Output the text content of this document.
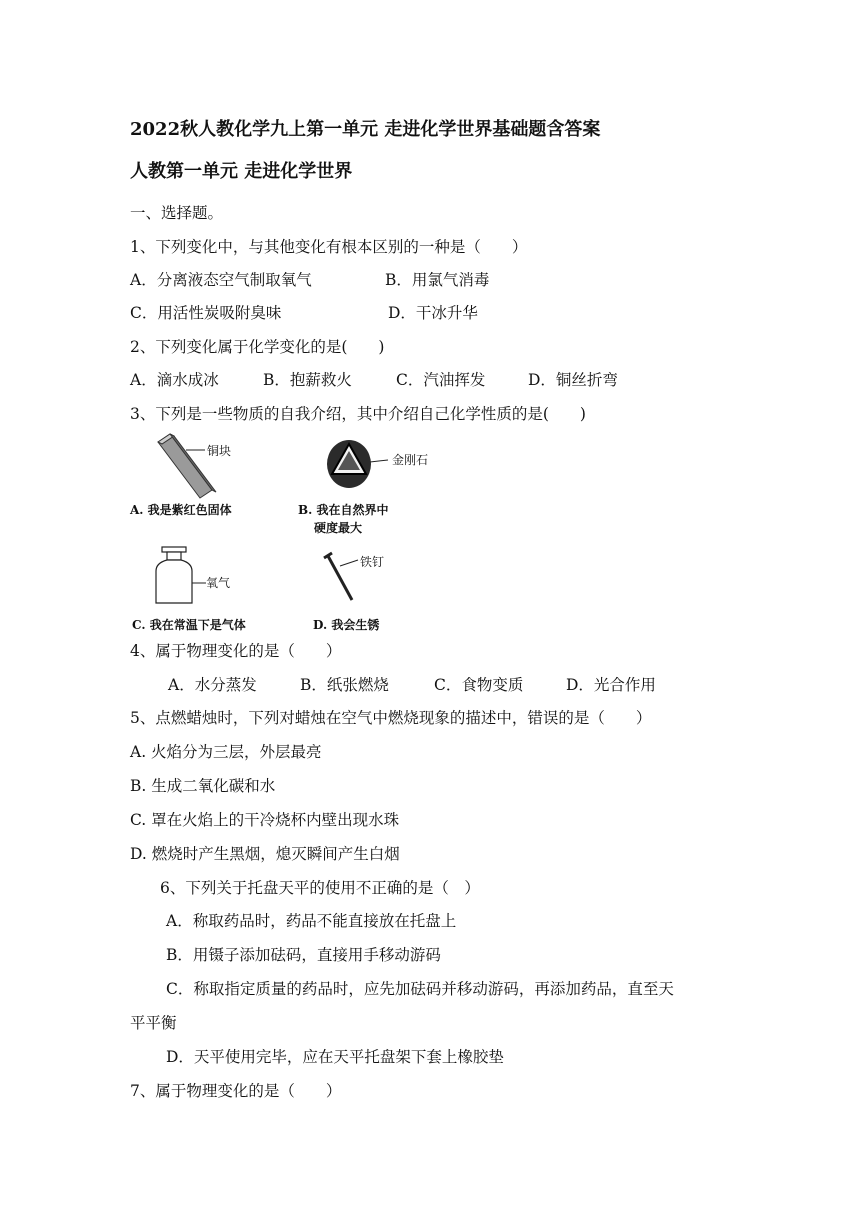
2022秋人教化学九上第一单元 走进化学世界基础题含答案
人教第一单元 走进化学世界
一、选择题。
1、下列变化中，与其他变化有根本区别的一种是（　　）
A．分离液态空气制取氧气	B．用氯气消毒
C．用活性炭吸附臭味	D．干冰升华
2、下列变化属于化学变化的是(　　)
A．滴水成冰	B．抱薪救火	C．汽油挥发	D．铜丝折弯
3、下列是一些物质的自我介绍，其中介绍自己化学性质的是(　　)
铜块
金刚石
A. 我是紫红色固体	B. 我在自然界中
硬度最大
氧气
铁钉
C. 我在常温下是气体	D. 我会生锈
4、属于物理变化的是（　　）
A．水分蒸发	B．纸张燃烧	C．食物变质	D．光合作用
5、点燃蜡烛时，下列对蜡烛在空气中燃烧现象的描述中，错误的是（　　）
A. 火焰分为三层，外层最亮
B. 生成二氧化碳和水
C. 罩在火焰上的干冷烧杯内壁出现水珠
D. 燃烧时产生黑烟，熄灭瞬间产生白烟
6、下列关于托盘天平的使用不正确的是（　）
A．称取药品时，药品不能直接放在托盘上
B．用镊子添加砝码，直接用手移动游码
C．称取指定质量的药品时，应先加砝码并移动游码，再添加药品，直至天
平平衡
D．天平使用完毕，应在天平托盘架下套上橡胶垫
7、属于物理变化的是（　　）
